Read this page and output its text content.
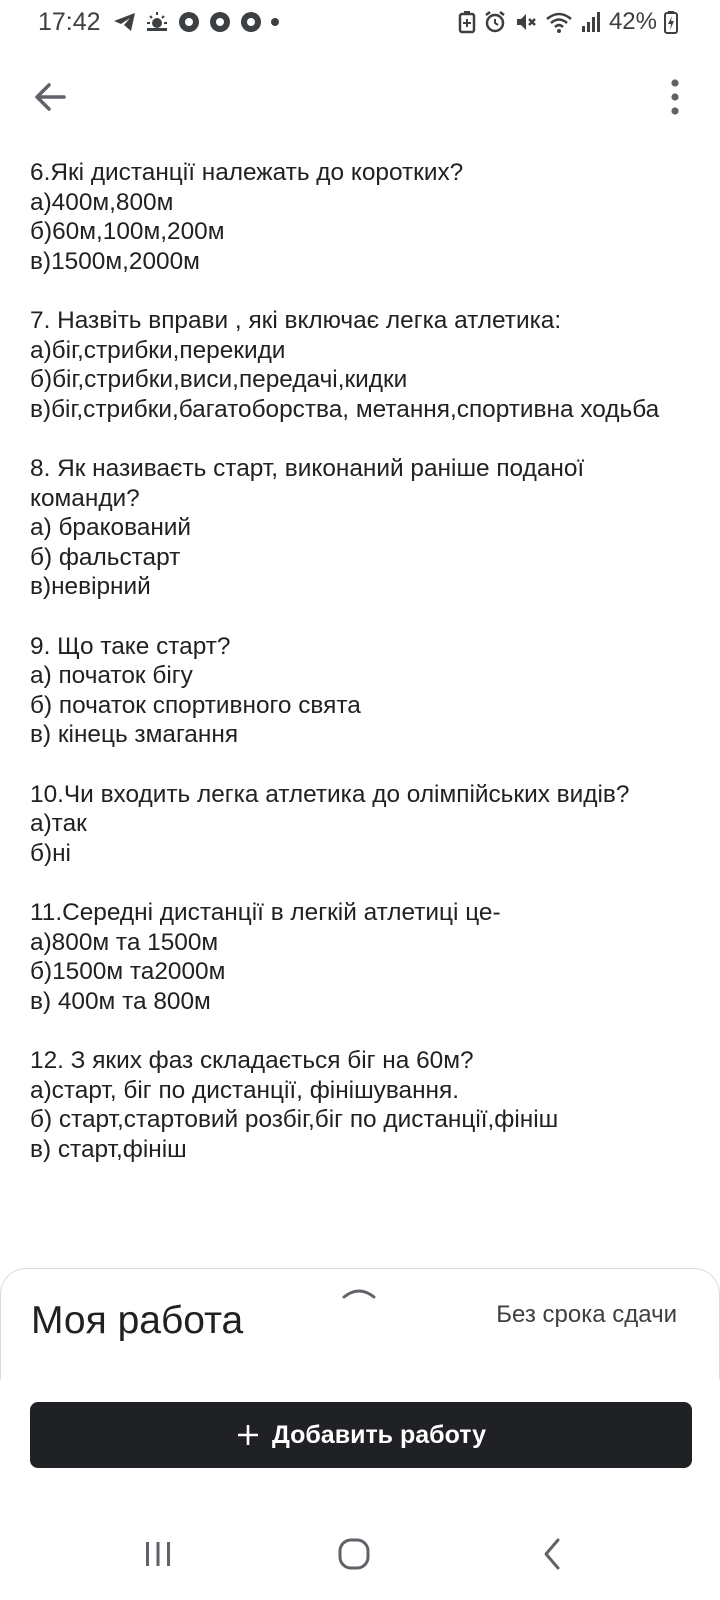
17:42	42%
6.Які дистанції належать до коротких?
а)400м,800м
б)60м,100м,200м
в)1500м,2000м
7. Назвіть вправи , які включає легка атлетика:
а)біг,стрибки,перекиди
б)біг,стрибки,виси,передачі,кидки
в)біг,стрибки,багатоборства, метання,спортивна ходьба
8. Як називаєть старт, виконаний раніше поданої команди?
а) бракований
б) фальстарт
в)невірний
9. Що таке старт?
а) початок бігу
б) початок спортивного свята
в) кінець змагання
10.Чи входить легка атлетика до олімпійських видів?
а)так
б)ні
11.Середні дистанції в легкій атлетиці це-
а)800м та 1500м
б)1500м та2000м
в) 400м та 800м
12. З яких фаз складається біг на 60м?
а)старт, біг по дистанції, фінішування.
б) старт,стартовий розбіг,біг по дистанції,фініш
в) старт,фініш
Моя работа	Без срока сдачи
Добавить работу
